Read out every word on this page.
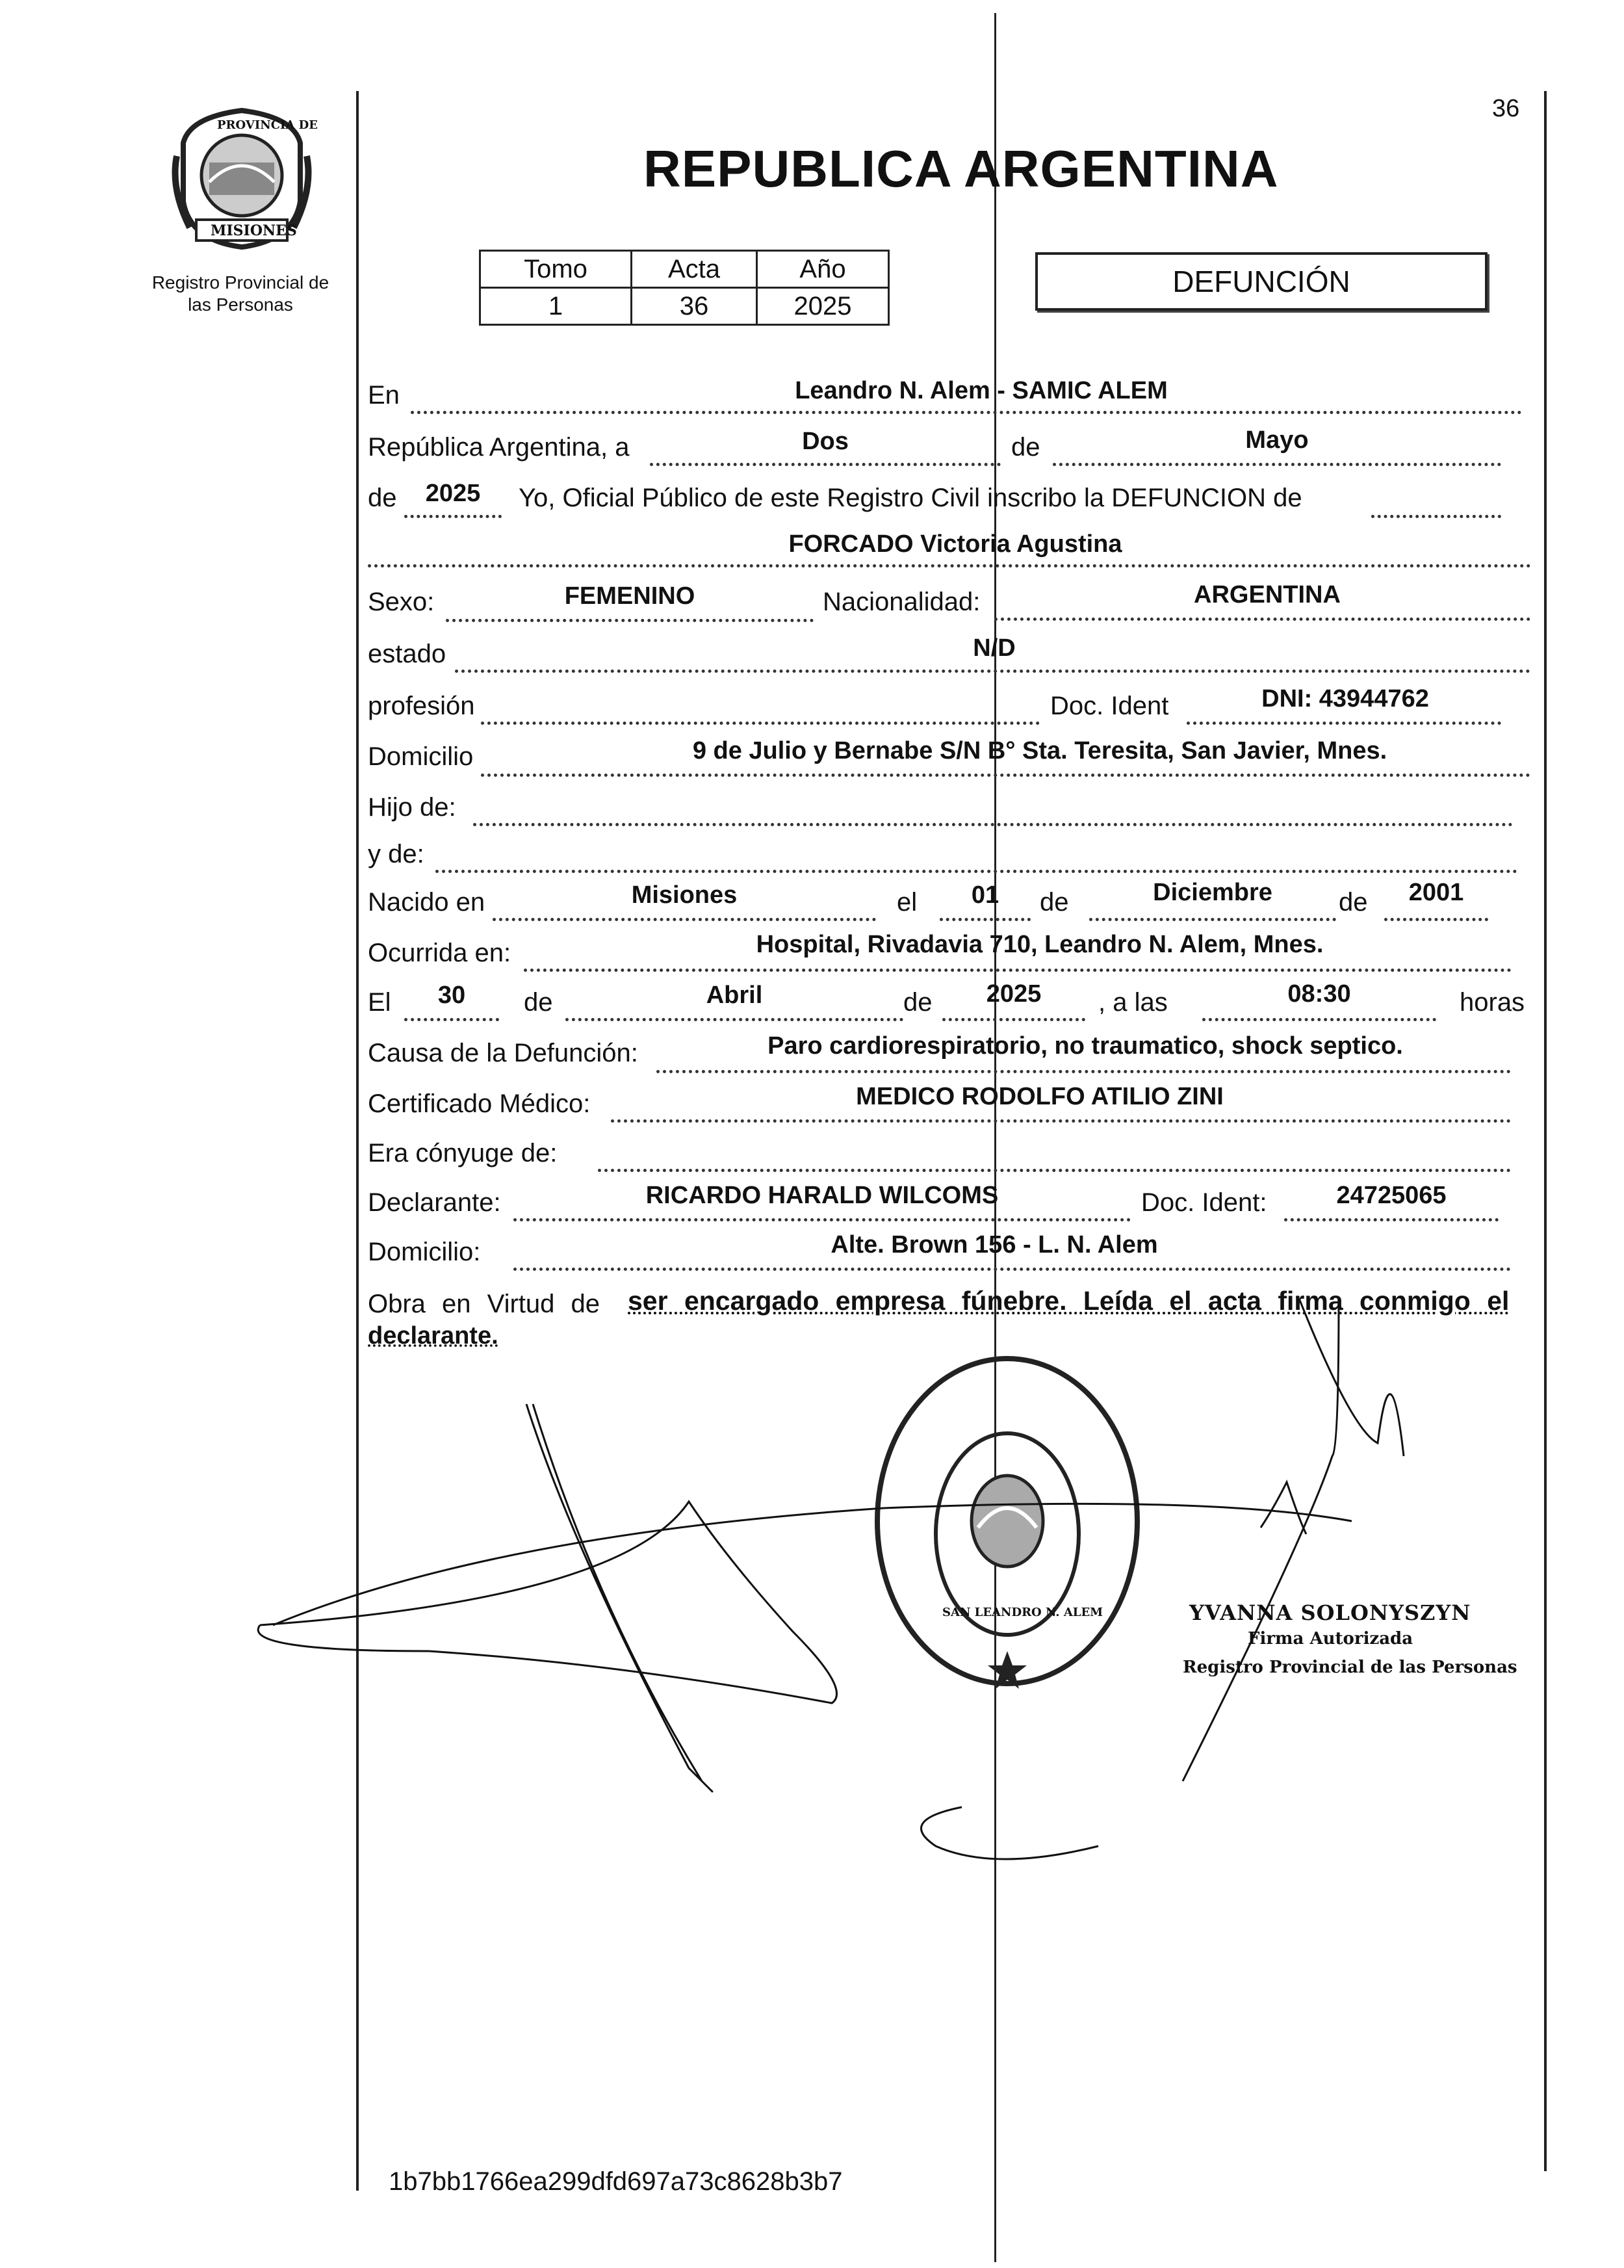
36
PROVINCIA DE
MISIONES
Registro Provincial de
las Personas
REPUBLICA ARGENTINA
Tomo	Acta	Año
1	36	2025
DEFUNCIÓN
En	Leandro N. Alem - SAMIC ALEM
República Argentina, a	Dos	de	Mayo
de	2025	Yo, Oficial Público de este Registro Civil inscribo la DEFUNCION de
FORCADO Victoria Agustina
Sexo:	FEMENINO	Nacionalidad:	ARGENTINA
estado	N/D
profesión	Doc. Ident	DNI: 43944762
Domicilio	9 de Julio y Bernabe S/N B° Sta. Teresita, San Javier, Mnes.
Hijo de:
y de:
Nacido en	Misiones	el	01	de	Diciembre	de	2001
Ocurrida en:	Hospital, Rivadavia 710, Leandro N. Alem, Mnes.
El	30	de	Abril	de	2025	, a las	08:30	horas
Causa de la Defunción:	Paro cardiorespiratorio, no traumatico, shock septico.
Certificado Médico:	MEDICO RODOLFO ATILIO ZINI
Era cónyuge de:
Declarante:	RICARDO HARALD WILCOMS	Doc. Ident:	24725065
Domicilio:	Alte. Brown 156 - L. N. Alem
Obra en Virtud de ser encargado empresa fúnebre. Leída el acta firma conmigo el
declarante.
SAN LEANDRO N. ALEM	YVANNA SOLONYSZYN
Firma Autorizada
Registro Provincial de las Personas
1b7bb1766ea299dfd697a73c8628b3b7
